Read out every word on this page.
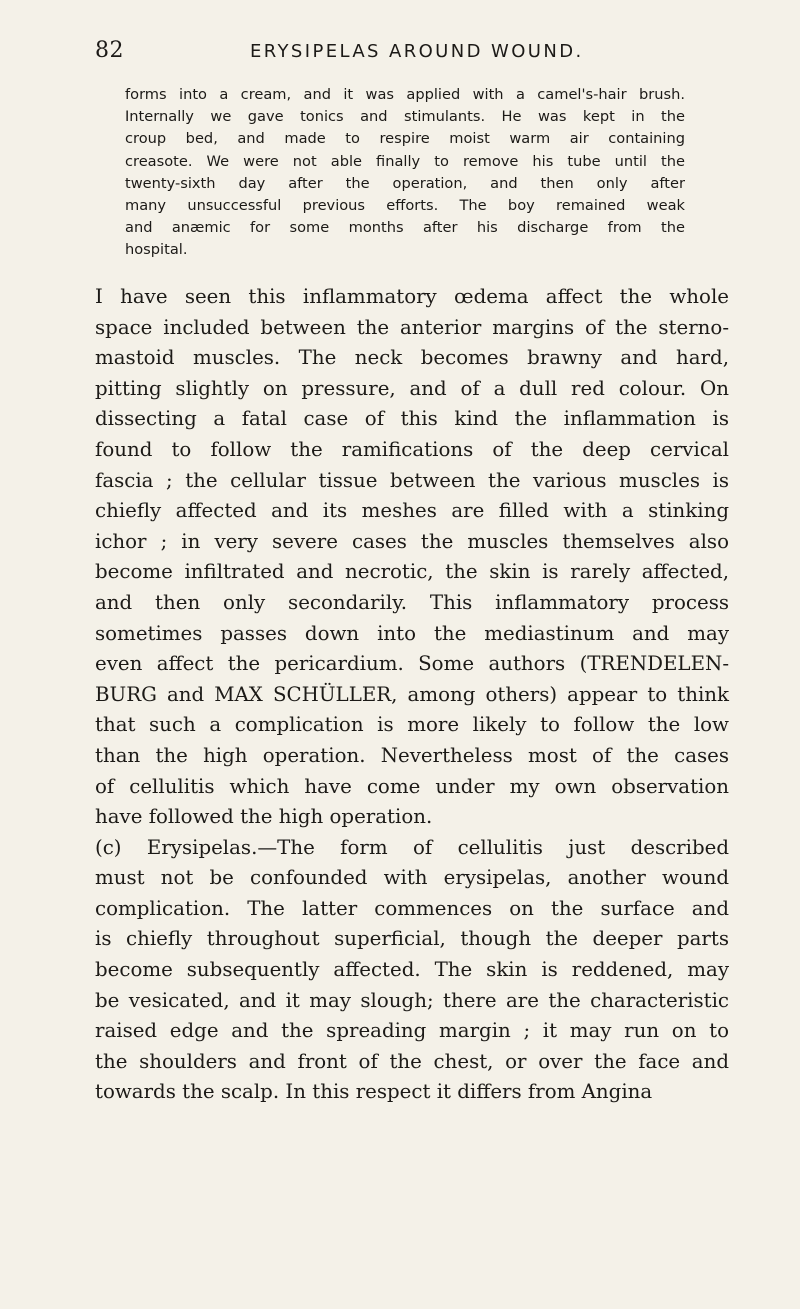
82	ERYSIPELAS AROUND WOUND.
forms into a cream, and it was applied with a camel's-hair brush.
Internally we gave tonics and stimulants. He was kept in the
croup bed, and made to respire moist warm air containing
creasote. We were not able finally to remove his tube until the
twenty-sixth day after the operation, and then only after
many unsuccessful previous efforts. The boy remained weak
and anæmic for some months after his discharge from the
hospital.
I have seen this inflammatory œdema affect the whole
space included between the anterior margins of the sterno-
mastoid muscles. The neck becomes brawny and hard,
pitting slightly on pressure, and of a dull red colour. On
dissecting a fatal case of this kind the inflammation is
found to follow the ramifications of the deep cervical
fascia ; the cellular tissue between the various muscles is
chiefly affected and its meshes are filled with a stinking
ichor ; in very severe cases the muscles themselves also
become infiltrated and necrotic, the skin is rarely affected,
and then only secondarily. This inflammatory process
sometimes passes down into the mediastinum and may
even affect the pericardium. Some authors (TRENDELEN-
BURG and MAX SCHÜLLER, among others) appear to think
that such a complication is more likely to follow the low
than the high operation. Nevertheless most of the cases
of cellulitis which have come under my own observation
have followed the high operation.
(c) Erysipelas.—The form of cellulitis just described
must not be confounded with erysipelas, another wound
complication. The latter commences on the surface and
is chiefly throughout superficial, though the deeper parts
become subsequently affected. The skin is reddened, may
be vesicated, and it may slough; there are the characteristic
raised edge and the spreading margin ; it may run on to
the shoulders and front of the chest, or over the face and
towards the scalp. In this respect it differs from Angina
